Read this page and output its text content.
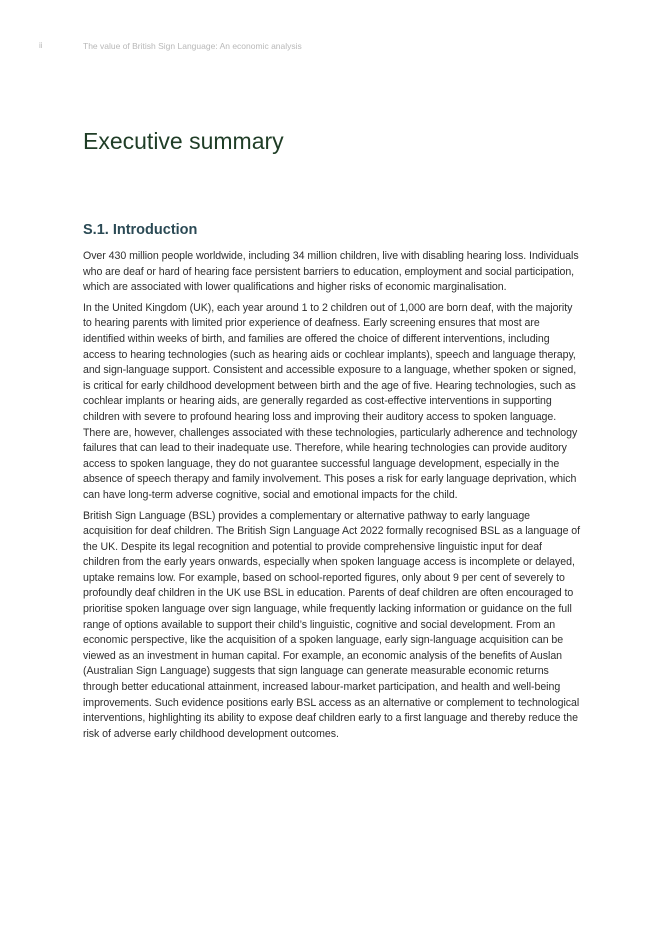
ii	The value of British Sign Language: An economic analysis
Executive summary
S.1. Introduction

Over 430 million people worldwide, including 34 million children, live with disabling hearing loss. Individuals who are deaf or hard of hearing face persistent barriers to education, employment and social participation, which are associated with lower qualifications and higher risks of economic marginalisation.

In the United Kingdom (UK), each year around 1 to 2 children out of 1,000 are born deaf, with the majority to hearing parents with limited prior experience of deafness. Early screening ensures that most are identified within weeks of birth, and families are offered the choice of different interventions, including access to hearing technologies (such as hearing aids or cochlear implants), speech and language therapy, and sign-language support. Consistent and accessible exposure to a language, whether spoken or signed, is critical for early childhood development between birth and the age of five. Hearing technologies, such as cochlear implants or hearing aids, are generally regarded as cost-effective interventions in supporting children with severe to profound hearing loss and improving their auditory access to spoken language. There are, however, challenges associated with these technologies, particularly adherence and technology failures that can lead to their inadequate use. Therefore, while hearing technologies can provide auditory access to spoken language, they do not guarantee successful language development, especially in the absence of speech therapy and family involvement. This poses a risk for early language deprivation, which can have long-term adverse cognitive, social and emotional impacts for the child.

British Sign Language (BSL) provides a complementary or alternative pathway to early language acquisition for deaf children. The British Sign Language Act 2022 formally recognised BSL as a language of the UK. Despite its legal recognition and potential to provide comprehensive linguistic input for deaf children from the early years onwards, especially when spoken language access is incomplete or delayed, uptake remains low. For example, based on school-reported figures, only about 9 per cent of severely to profoundly deaf children in the UK use BSL in education. Parents of deaf children are often encouraged to prioritise spoken language over sign language, while frequently lacking information or guidance on the full range of options available to support their child’s linguistic, cognitive and social development. From an economic perspective, like the acquisition of a spoken language, early sign-language acquisition can be viewed as an investment in human capital. For example, an economic analysis of the benefits of Auslan (Australian Sign Language) suggests that sign language can generate measurable economic returns through better educational attainment, increased labour-market participation, and health and well-being improvements. Such evidence positions early BSL access as an alternative or complement to technological interventions, highlighting its ability to expose deaf children early to a first language and thereby reduce the risk of adverse early childhood development outcomes.
